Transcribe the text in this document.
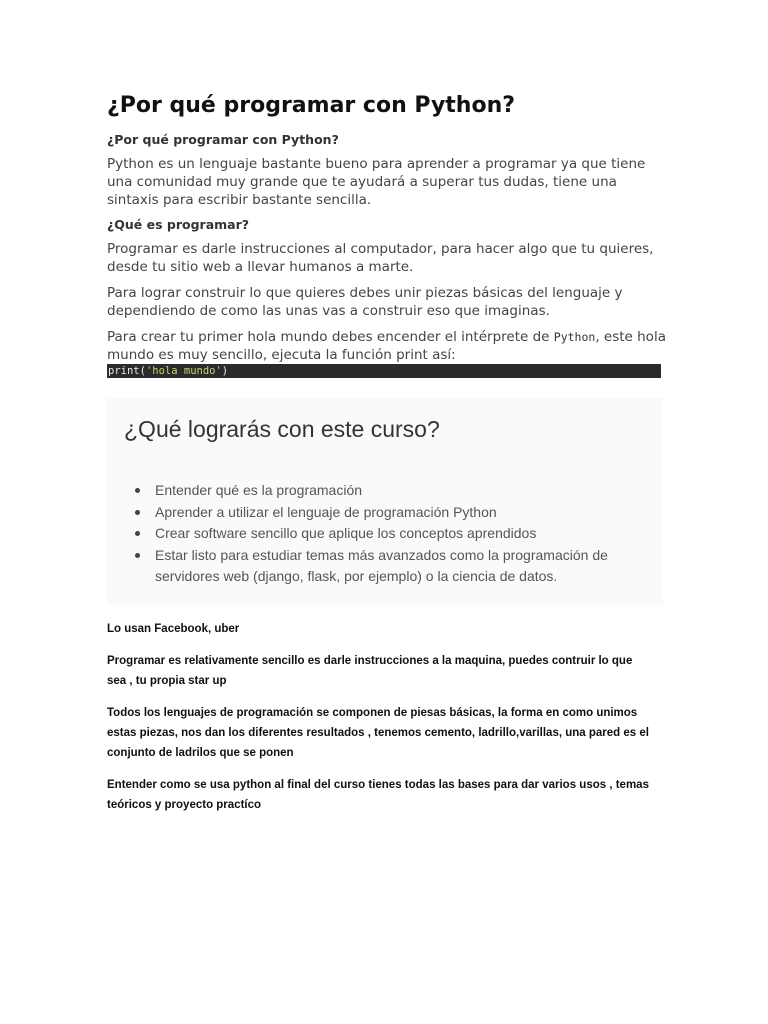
¿Por qué programar con Python?
¿Por qué programar con Python?

Python es un lenguaje bastante bueno para aprender a programar ya que tiene una comunidad muy grande que te ayudará a superar tus dudas, tiene una sintaxis para escribir bastante sencilla.

¿Qué es programar?

Programar es darle instrucciones al computador, para hacer algo que tu quieres, desde tu sitio web a llevar humanos a marte.

Para lograr construir lo que quieres debes unir piezas básicas del lenguaje y dependiendo de como las unas vas a construir eso que imaginas.

Para crear tu primer hola mundo debes encender el intérprete de Python, este hola mundo es muy sencillo, ejecuta la función print así:

print('hola mundo')
¿Qué lograrás con este curso?
Entender qué es la programación
Aprender a utilizar el lenguaje de programación Python
Crear software sencillo que aplique los conceptos aprendidos
Estar listo para estudiar temas más avanzados como la programación de servidores web (django, flask, por ejemplo) o la ciencia de datos.

Lo usan Facebook, uber

Programar es relativamente sencillo es darle instrucciones a la maquina, puedes contruir lo que sea , tu propia star up

Todos los lenguajes de programación se componen de piesas básicas, la forma en como unimos estas piezas, nos dan los diferentes resultados , tenemos cemento, ladrillo,varillas, una pared es el conjunto de ladrilos que se ponen

Entender como se usa python al final del curso tienes todas las bases para dar varios usos , temas teóricos y proyecto practíco
